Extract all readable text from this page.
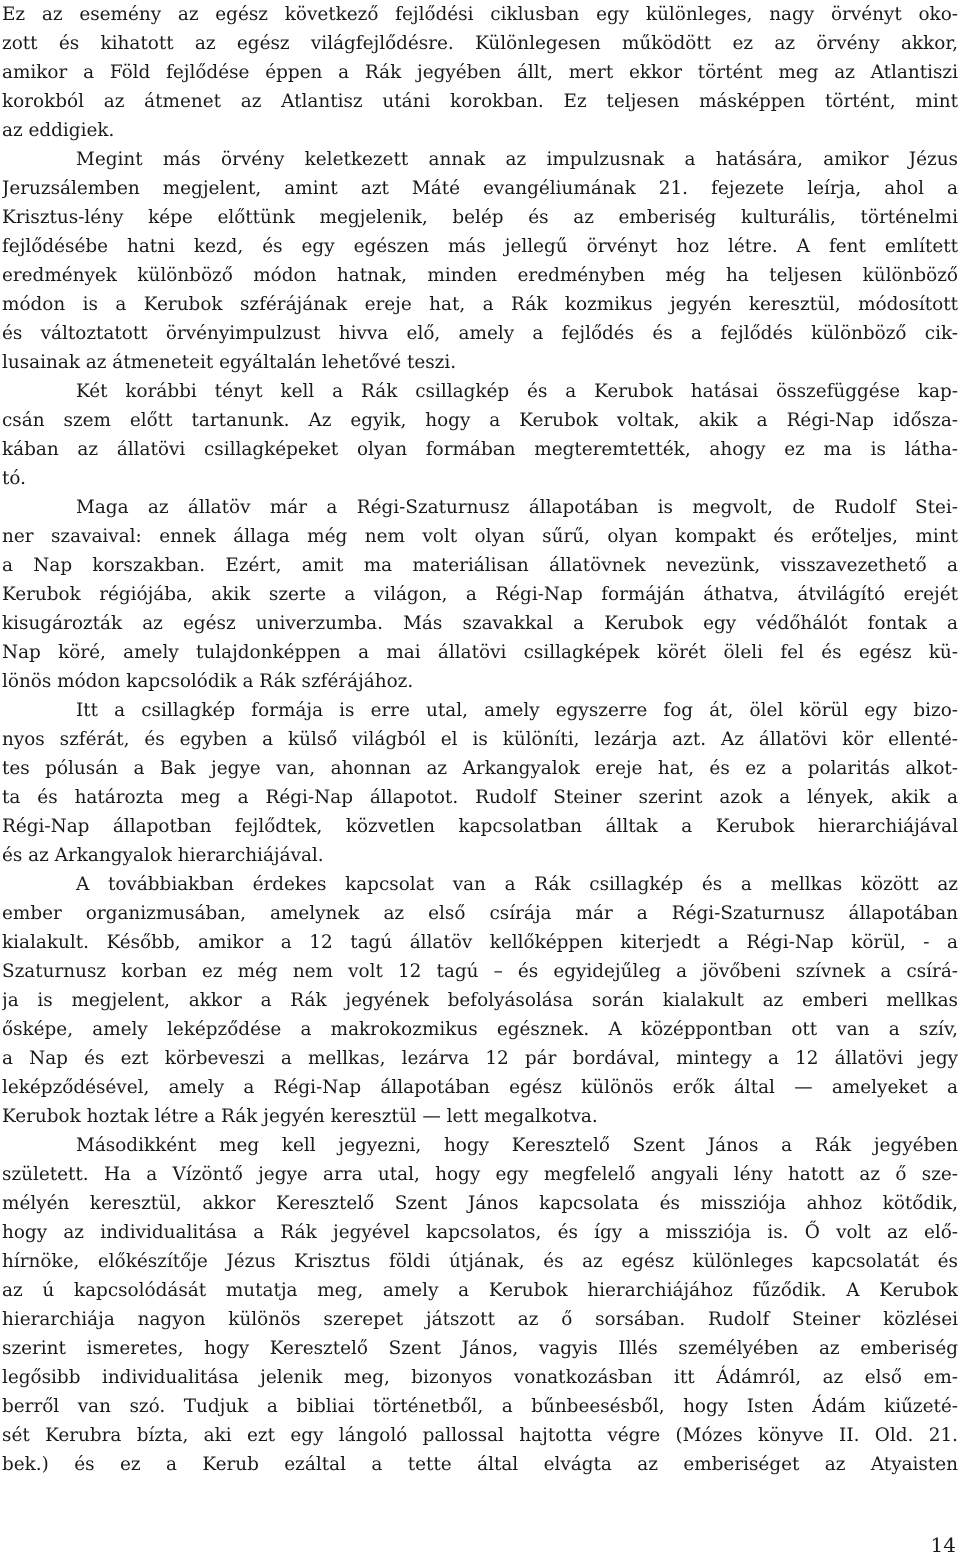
Ez az esemény az egész következő fejlődési ciklusban egy különleges, nagy örvényt oko-
zott és kihatott az egész világfejlődésre. Különlegesen működött ez az örvény akkor,
amikor a Föld fejlődése éppen a Rák jegyében állt, mert ekkor történt meg az Atlantiszi
korokból az átmenet az Atlantisz utáni korokban. Ez teljesen másképpen történt, mint
az eddigiek.
Megint más örvény keletkezett annak az impulzusnak a hatására, amikor Jézus
Jeruzsálemben megjelent, amint azt Máté evangéliumának 21. fejezete leírja, ahol a
Krisztus-lény képe előttünk megjelenik, belép és az emberiség kulturális, történelmi
fejlődésébe hatni kezd, és egy egészen más jellegű örvényt hoz létre. A fent említett
eredmények különböző módon hatnak, minden eredményben még ha teljesen különböző
módon is a Kerubok szférájának ereje hat, a Rák kozmikus jegyén keresztül, módosított
és változtatott örvényimpulzust hivva elő, amely a fejlődés és a fejlődés különböző cik-
lusainak az átmeneteit egyáltalán lehetővé teszi.
Két korábbi tényt kell a Rák csillagkép és a Kerubok hatásai összefüggése kap-
csán szem előtt tartanunk. Az egyik, hogy a Kerubok voltak, akik a Régi-Nap idősza-
kában az állatövi csillagképeket olyan formában megteremtették, ahogy ez ma is látha-
tó.
Maga az állatöv már a Régi-Szaturnusz állapotában is megvolt, de Rudolf Stei-
ner szavaival: ennek állaga még nem volt olyan sűrű, olyan kompakt és erőteljes, mint
a Nap korszakban. Ezért, amit ma materiálisan állatövnek nevezünk, visszavezethető a
Kerubok régiójába, akik szerte a világon, a Régi-Nap formáján áthatva, átvilágító erejét
kisugározták az egész univerzumba. Más szavakkal a Kerubok egy védőhálót fontak a
Nap köré, amely tulajdonképpen a mai állatövi csillagképek körét öleli fel és egész kü-
lönös módon kapcsolódik a Rák szférájához.
Itt a csillagkép formája is erre utal, amely egyszerre fog át, ölel körül egy bizo-
nyos szférát, és egyben a külső világból el is különíti, lezárja azt. Az állatövi kör ellenté-
tes pólusán a Bak jegye van, ahonnan az Arkangyalok ereje hat, és ez a polaritás alkot-
ta és határozta meg a Régi-Nap állapotot. Rudolf Steiner szerint azok a lények, akik a
Régi-Nap állapotban fejlődtek, közvetlen kapcsolatban álltak a Kerubok hierarchiájával
és az Arkangyalok hierarchiájával.
A továbbiakban érdekes kapcsolat van a Rák csillagkép és a mellkas között az
ember organizmusában, amelynek az első csírája már a Régi-Szaturnusz állapotában
kialakult. Később, amikor a 12 tagú állatöv kellőképpen kiterjedt a Régi-Nap körül, - a
Szaturnusz korban ez még nem volt 12 tagú – és egyidejűleg a jövőbeni szívnek a csírá-
ja is megjelent, akkor a Rák jegyének befolyásolása során kialakult az emberi mellkas
ősképe, amely leképződése a makrokozmikus egésznek. A középpontban ott van a szív,
a Nap és ezt körbeveszi a mellkas, lezárva 12 pár bordával, mintegy a 12 állatövi jegy
leképződésével, amely a Régi-Nap állapotában egész különös erők által — amelyeket a
Kerubok hoztak létre a Rák jegyén keresztül — lett megalkotva.
Másodikként meg kell jegyezni, hogy Keresztelő Szent János a Rák jegyében
született. Ha a Vízöntő jegye arra utal, hogy egy megfelelő angyali lény hatott az ő sze-
mélyén keresztül, akkor Keresztelő Szent János kapcsolata és missziója ahhoz kötődik,
hogy az individualitása a Rák jegyével kapcsolatos, és így a missziója is. Ő volt az elő-
hírnöke, előkészítője Jézus Krisztus földi útjának, és az egész különleges kapcsolatát és
az ú kapcsolódását mutatja meg, amely a Kerubok hierarchiájához fűződik. A Kerubok
hierarchiája nagyon különös szerepet játszott az ő sorsában. Rudolf Steiner közlései
szerint ismeretes, hogy Keresztelő Szent János, vagyis Illés személyében az emberiség
legősibb individualitása jelenik meg, bizonyos vonatkozásban itt Ádámról, az első em-
berről van szó. Tudjuk a bibliai történetből, a bűnbeesésből, hogy Isten Ádám kiűzeté-
sét Kerubra bízta, aki ezt egy lángoló pallossal hajtotta végre (Mózes könyve II. Old. 21.
bek.) és ez a Kerub ezáltal a tette által elvágta az emberiséget az Atyaisten
14
